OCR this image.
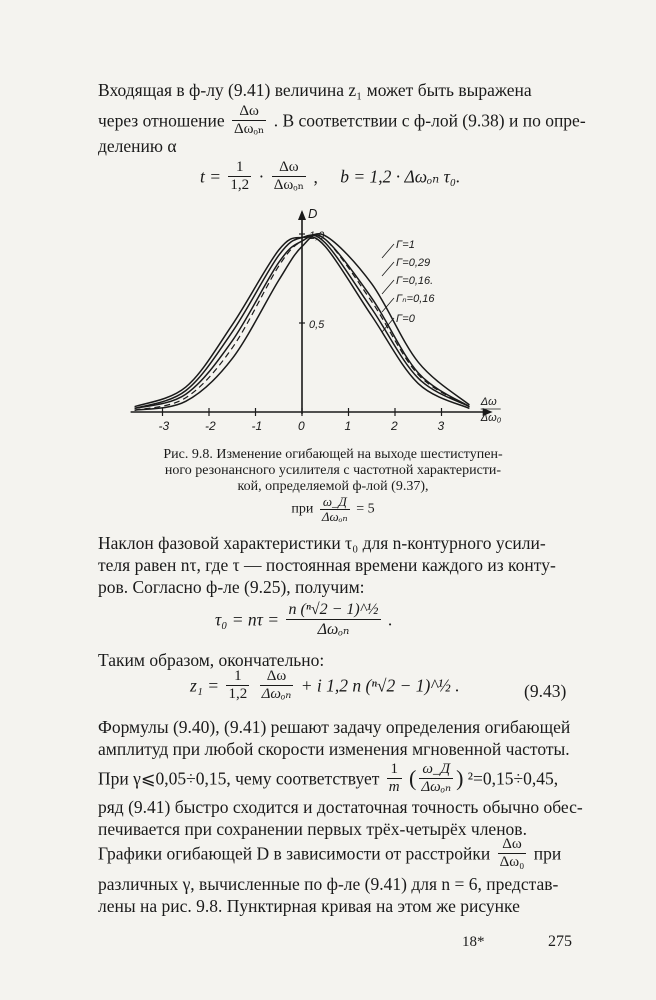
Входящая в ф-лу (9.41) величина z₁ может быть выражена
через отношение $\frac{\Delta\omega}{\text{Δωₒₙ}}$ . В соответствии с ф-лой (9.38) и по опре-
делению α
$t = \frac{1}{1,2} \cdot \frac{\Delta\omega}{\text{Δωₒₙ}}$ , b = 1,2 · Δωₒₙ τ₀.
-3	-2	-1	0	1	2	3
0,5
1,0
D
Δω
Δω₀
Γ=1
Γ=0,29
Γ=0,16.
Γₙ=0,16
Γ=0
Рис. 9.8. Изменение огибающей на выходе шестиступен-
ного резонансного усилителя с частотной характеристи-
кой, определяемой ф-лой (9.37),
при $\frac{\omega\_Д}{\text{Δωₒₙ}} = 5$
Наклон фазовой характеристики τ₀ для n-контурного усили-
теля равен nτ, где τ — постоянная времени каждого из конту-
ров. Согласно ф-ле (9.25), получим:
$\tau_0 = n\tau = \frac{\text{n (ⁿ√2 − 1)\textasciicircum{}½}}{\text{Δωₒₙ}}$ .
Таким образом, окончательно:
$z_1 = \frac{1}{1,2}$
$\frac{\Delta\omega}{\text{Δωₒₙ}} + i$ 1,2 n (ⁿ√2 − 1)^½ .	(9.43)
Формулы (9.40), (9.41) решают задачу определения огибающей
амплитуд при любой скорости изменения мгновенной частоты.
При γ⩽0,05÷0,15, чему соответствует $\frac{1}{m}$ ( $\frac{\omega\_Д}{\text{Δωₒₙ}}$ ) ²=0,15÷0,45,
ряд (9.41) быстро сходится и достаточная точность обычно обес-
печивается при сохранении первых трёх-четырёх членов.
Графики огибающей D в зависимости от расстройки $\frac{\Delta\omega}{\text{Δω₀}}$ при
различных γ, вычисленные по ф-ле (9.41) для n = 6, представ-
лены на рис. 9.8. Пунктирная кривая на этом же рисунке
18*	275
